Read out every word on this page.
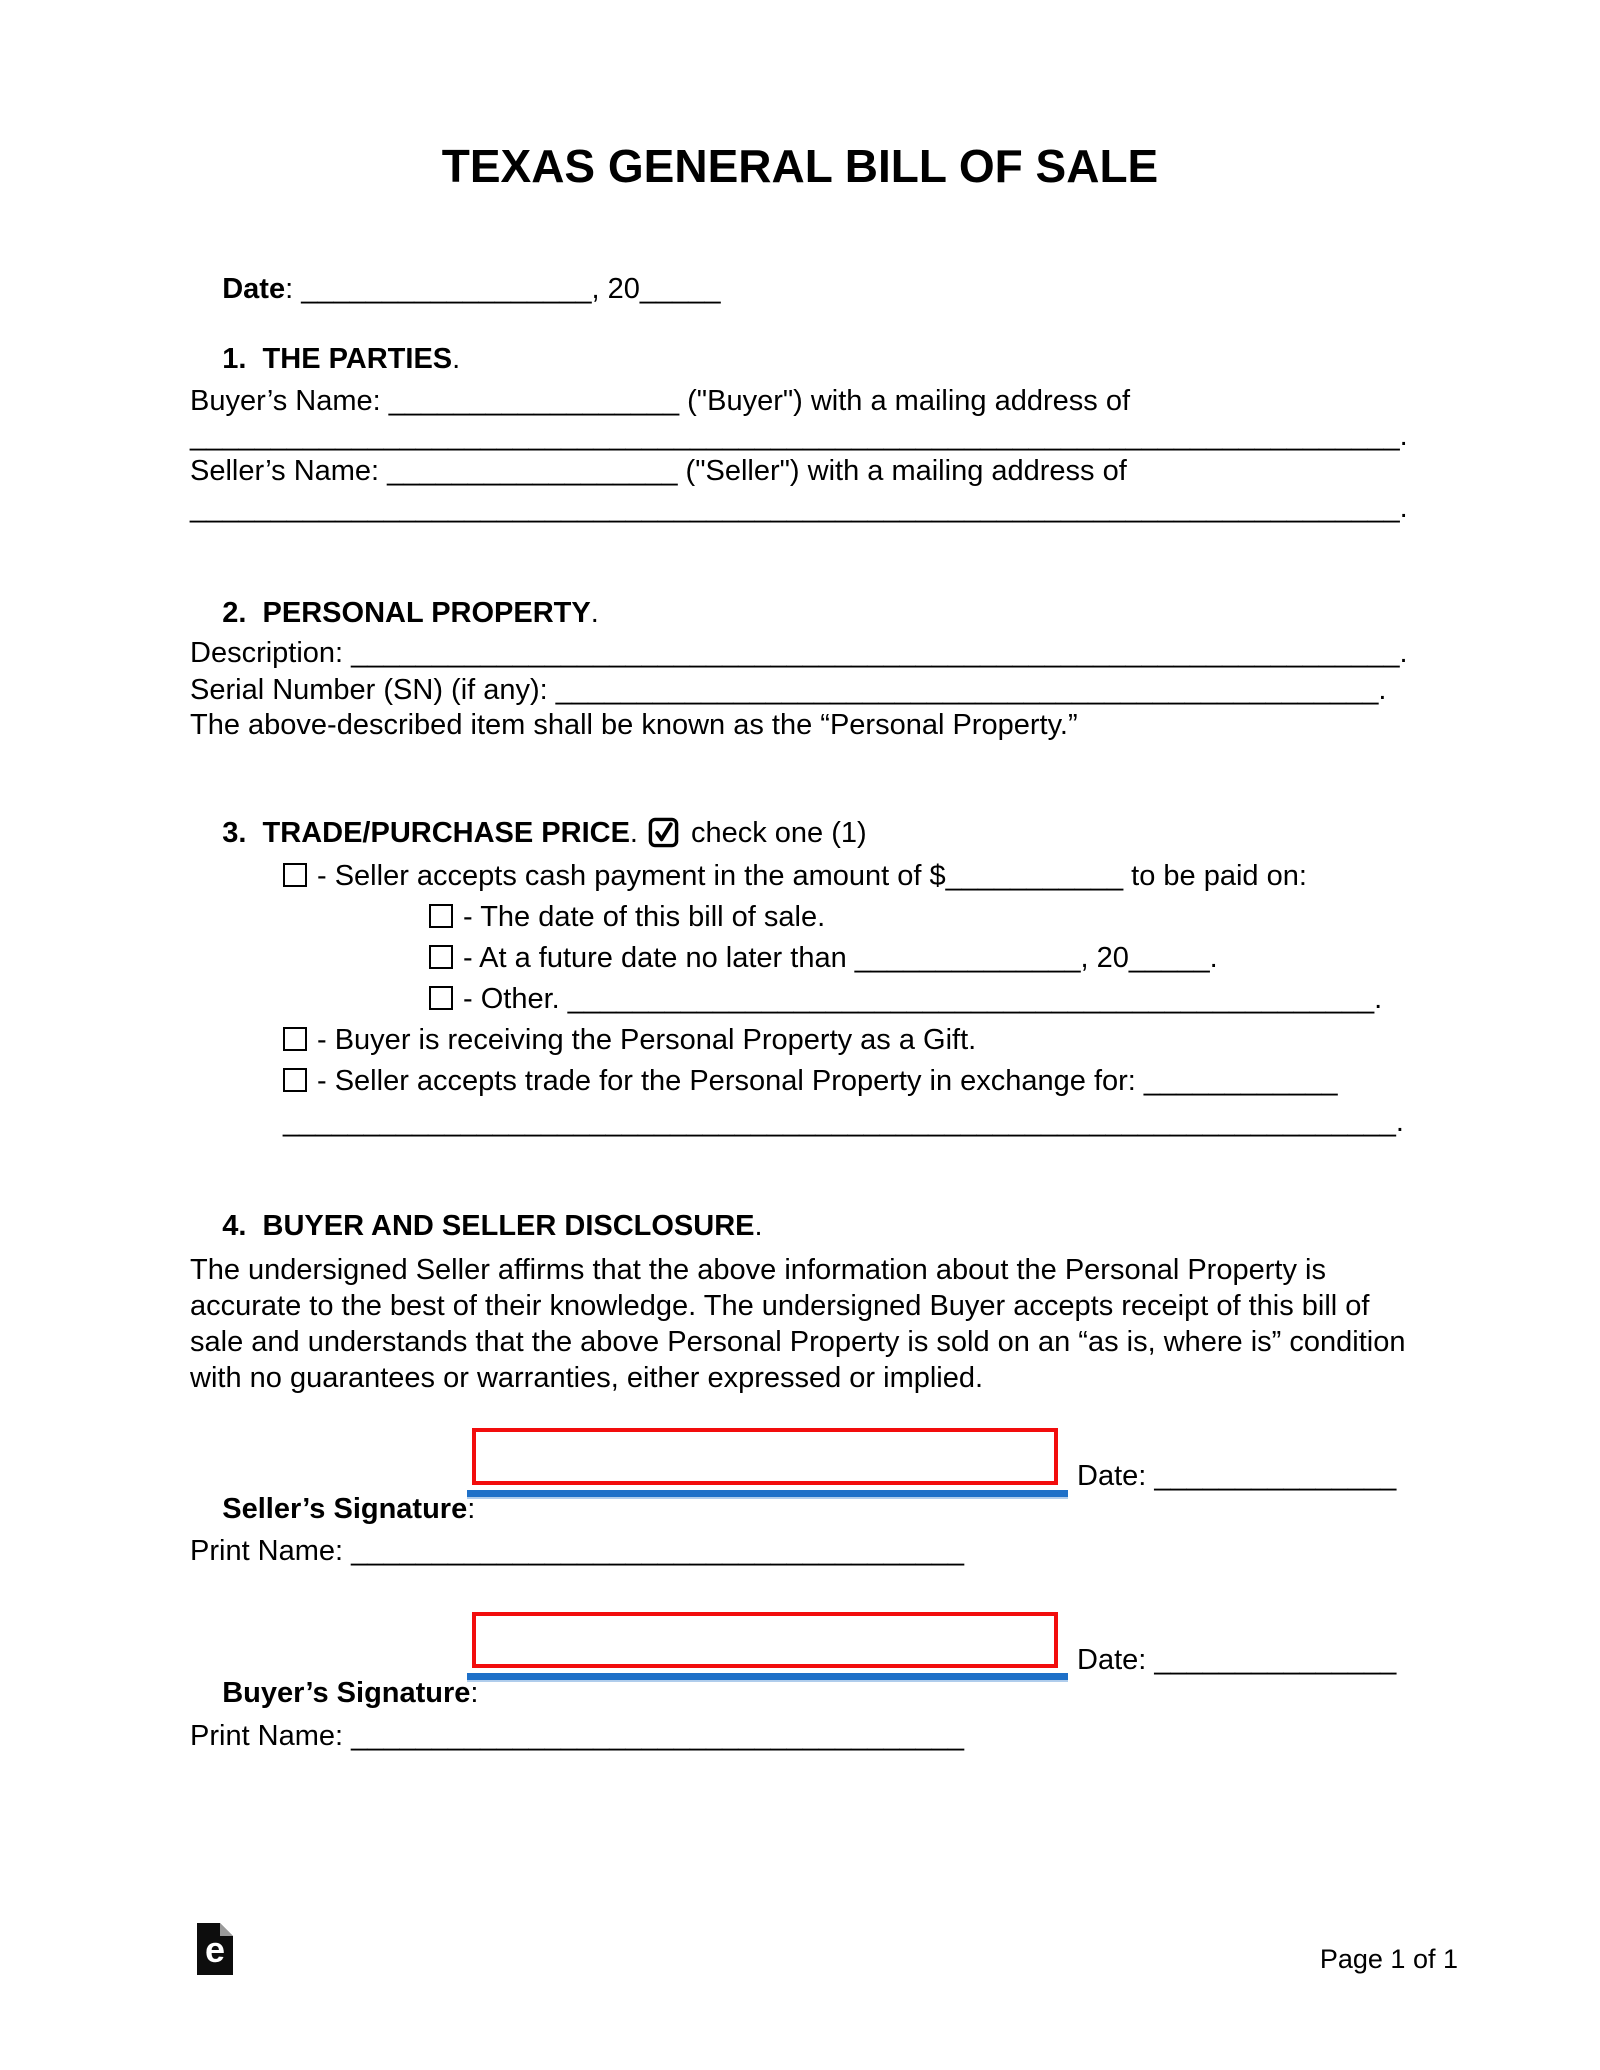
TEXAS GENERAL BILL OF SALE

Date: __________________, 20_____

1.  THE PARTIES.

Buyer’s Name: __________________ ("Buyer") with a mailing address of
___________________________________________________________________________.
Seller’s Name: __________________ ("Seller") with a mailing address of
___________________________________________________________________________.

2.  PERSONAL PROPERTY.

Description: _________________________________________________________________.
Serial Number (SN) (if any): ___________________________________________________.
The above-described item shall be known as the “Personal Property.”

3.  TRADE/PURCHASE PRICE. check one (1)

- Seller accepts cash payment in the amount of $___________ to be paid on:
- The date of this bill of sale.
- At a future date no later than ______________, 20_____.
- Other. __________________________________________________.
- Buyer is receiving the Personal Property as a Gift.
- Seller accepts trade for the Personal Property in exchange for: ____________
_____________________________________________________________________.

4.  BUYER AND SELLER DISCLOSURE.

The undersigned Seller affirms that the above information about the Personal Property is accurate to the best of their knowledge. The undersigned Buyer accepts receipt of this bill of sale and understands that the above Personal Property is sold on an “as is, where is” condition with no guarantees or warranties, either expressed or implied.

Seller’s Signature:

Date: _______________
Print Name: ______________________________________

Buyer’s Signature:

Date: _______________
Print Name: ______________________________________
e	Page 1 of 1
